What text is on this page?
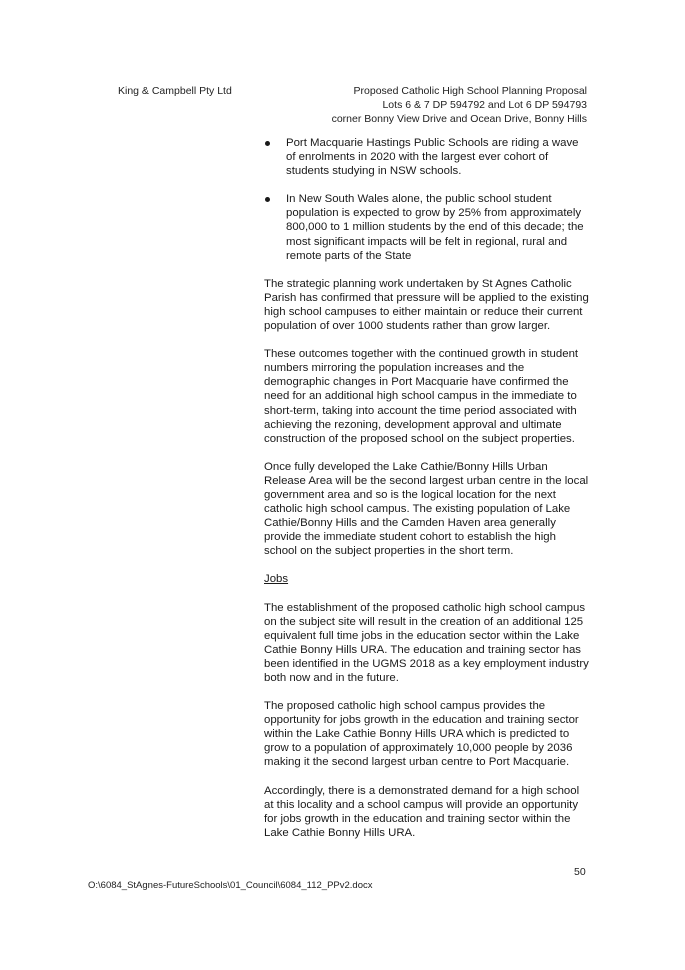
King & Campbell Pty Ltd	Proposed Catholic High School Planning Proposal
Lots 6 & 7 DP 594792 and Lot 6 DP 594793
corner Bonny View Drive and Ocean Drive, Bonny Hills
Port Macquarie Hastings Public Schools are riding a wave of enrolments in 2020 with the largest ever cohort of students studying in NSW schools.
In New South Wales alone, the public school student population is expected to grow by 25% from approximately 800,000 to 1 million students by the end of this decade; the most significant impacts will be felt in regional, rural and remote parts of the State

The strategic planning work undertaken by St Agnes Catholic Parish has confirmed that pressure will be applied to the existing high school campuses to either maintain or reduce their current population of over 1000 students rather than grow larger.

These outcomes together with the continued growth in student numbers mirroring the population increases and the demographic changes in Port Macquarie have confirmed the need for an additional high school campus in the immediate to short-term, taking into account the time period associated with achieving the rezoning, development approval and ultimate construction of the proposed school on the subject properties.

Once fully developed the Lake Cathie/Bonny Hills Urban Release Area will be the second largest urban centre in the local government area and so is the logical location for the next catholic high school campus. The existing population of Lake Cathie/Bonny Hills and the Camden Haven area generally provide the immediate student cohort to establish the high school on the subject properties in the short term.

Jobs

The establishment of the proposed catholic high school campus on the subject site will result in the creation of an additional 125 equivalent full time jobs in the education sector within the Lake Cathie Bonny Hills URA. The education and training sector has been identified in the UGMS 2018 as a key employment industry both now and in the future.

The proposed catholic high school campus provides the opportunity for jobs growth in the education and training sector within the Lake Cathie Bonny Hills URA which is predicted to grow to a population of approximately 10,000 people by 2036 making it the second largest urban centre to Port Macquarie.

Accordingly, there is a demonstrated demand for a high school at this locality and a school campus will provide an opportunity for jobs growth in the education and training sector within the Lake Cathie Bonny Hills URA.

50
O:\6084_StAgnes-FutureSchools\01_Council\6084_112_PPv2.docx
